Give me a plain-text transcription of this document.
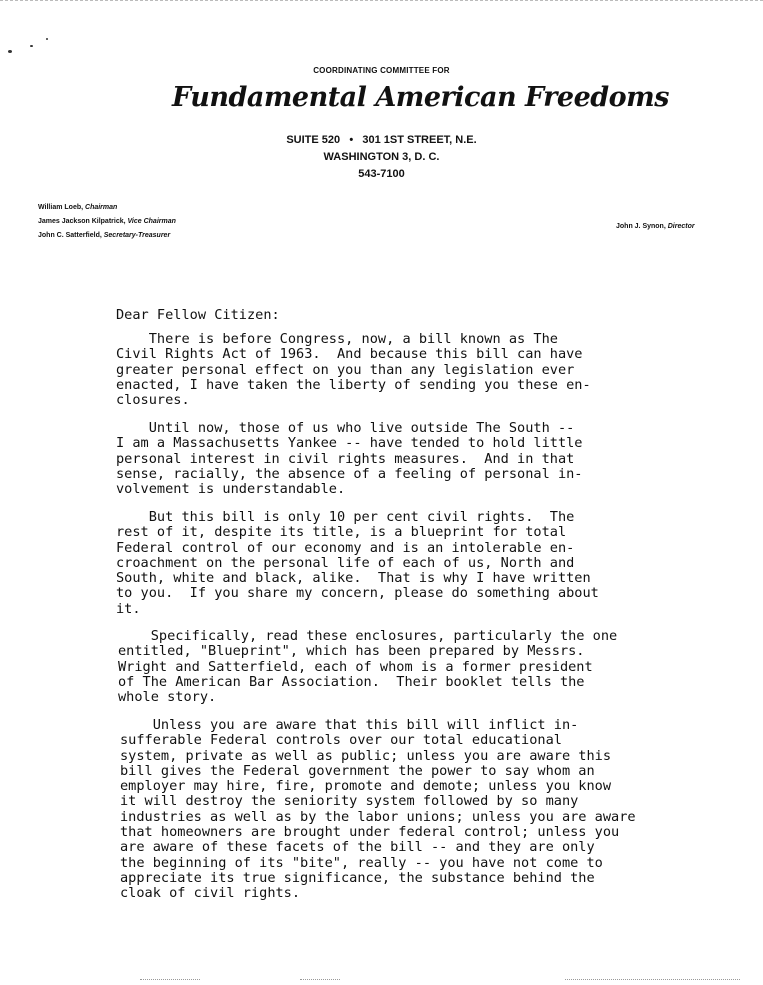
COORDINATING COMMITTEE FOR
Fundamental American Freedoms
SUITE 520   •   301 1ST STREET, N.E.
WASHINGTON 3, D. C.
543-7100
William Loeb, Chairman
James Jackson Kilpatrick, Vice Chairman
John C. Satterfield, Secretary-Treasurer
John J. Synon, Director
Dear Fellow Citizen:
There is before Congress, now, a bill known as The
Civil Rights Act of 1963.  And because this bill can have
greater personal effect on you than any legislation ever
enacted, I have taken the liberty of sending you these en-
closures.
Until now, those of us who live outside The South --
I am a Massachusetts Yankee -- have tended to hold little
personal interest in civil rights measures.  And in that
sense, racially, the absence of a feeling of personal in-
volvement is understandable.
But this bill is only 10 per cent civil rights.  The
rest of it, despite its title, is a blueprint for total
Federal control of our economy and is an intolerable en-
croachment on the personal life of each of us, North and
South, white and black, alike.  That is why I have written
to you.  If you share my concern, please do something about
it.
Specifically, read these enclosures, particularly the one
entitled, "Blueprint", which has been prepared by Messrs.
Wright and Satterfield, each of whom is a former president
of The American Bar Association.  Their booklet tells the
whole story.
Unless you are aware that this bill will inflict in-
sufferable Federal controls over our total educational
system, private as well as public; unless you are aware this
bill gives the Federal government the power to say whom an
employer may hire, fire, promote and demote; unless you know
it will destroy the seniority system followed by so many
industries as well as by the labor unions; unless you are aware
that homeowners are brought under federal control; unless you
are aware of these facets of the bill -- and they are only
the beginning of its "bite", really -- you have not come to
appreciate its true significance, the substance behind the
cloak of civil rights.
